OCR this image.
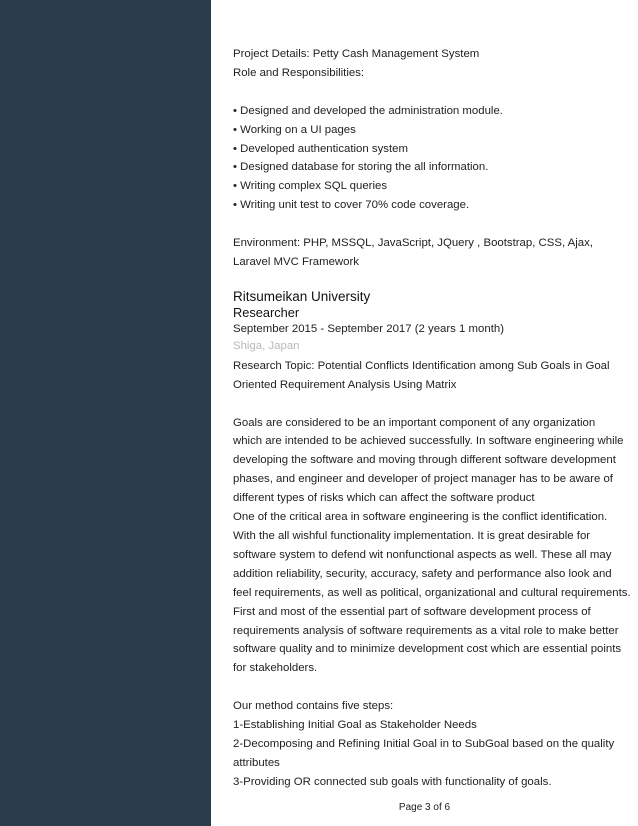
Project Details: Petty Cash Management System
Role and Responsibilities:
• Designed and developed the administration module.
• Working on a UI pages
• Developed authentication system
• Designed database for storing the all information.
• Writing complex SQL queries
• Writing unit test to cover 70% code coverage.
Environment: PHP, MSSQL, JavaScript, JQuery , Bootstrap, CSS, Ajax,
Laravel MVC Framework
Ritsumeikan University
Researcher
September 2015 - September 2017 (2 years 1 month)
Shiga, Japan
Research Topic: Potential Conflicts Identification among Sub Goals in Goal
Oriented Requirement Analysis Using Matrix
Goals are considered to be an important component of any organization
which are intended to be achieved successfully. In software engineering while
developing the software and moving through different software development
phases, and engineer and developer of project manager has to be aware of
different types of risks which can affect the software product
One of the critical area in software engineering is the conflict identification.
With the all wishful functionality implementation. It is great desirable for
software system to defend wit nonfunctional aspects as well. These all may
addition reliability, security, accuracy, safety and performance also look and
feel requirements, as well as political, organizational and cultural requirements.
First and most of the essential part of software development process of
requirements analysis of software requirements as a vital role to make better
software quality and to minimize development cost which are essential points
for stakeholders.
Our method contains five steps:
1-Establishing Initial Goal as Stakeholder Needs
2-Decomposing and Refining Initial Goal in to SubGoal based on the quality
attributes
3-Providing OR connected sub goals with functionality of goals.
Page 3 of 6
